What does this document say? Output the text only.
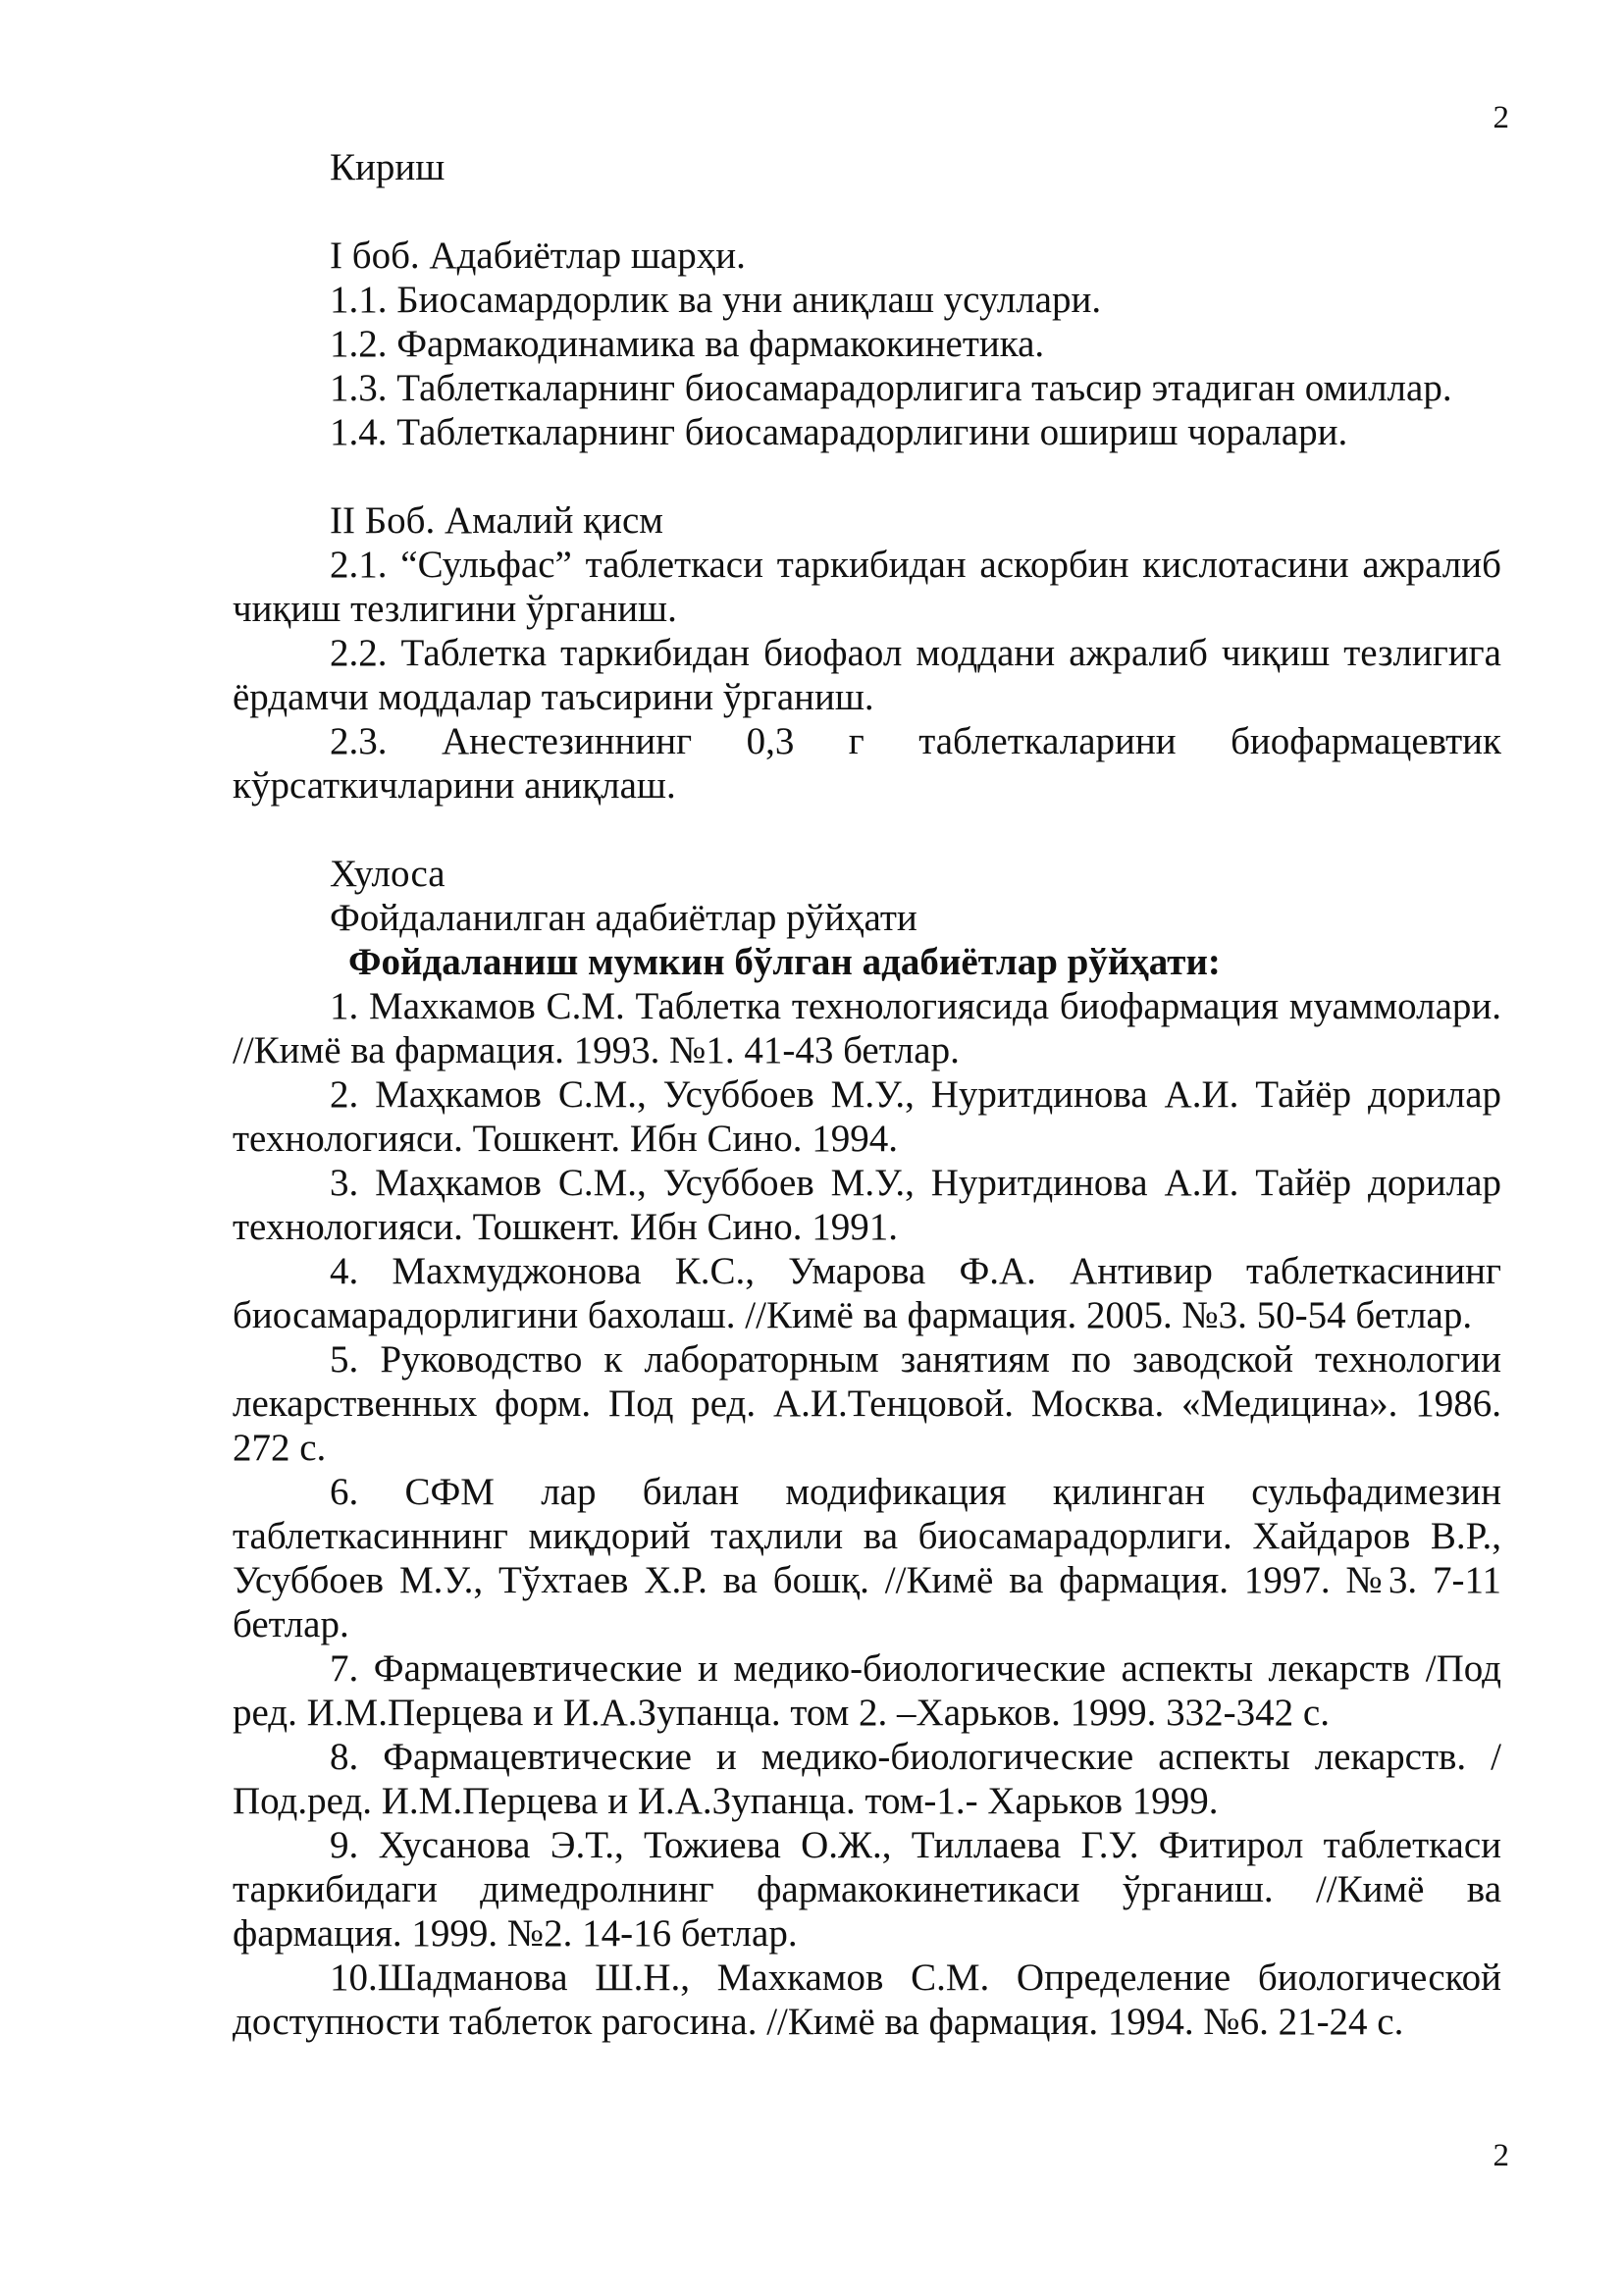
2
Кириш
I боб. Адабиётлар шарҳи.
1.1. Биосамардорлик ва уни аниқлаш усуллари.
1.2. Фармакодинамика ва фармакокинетика.
1.3. Таблеткаларнинг биосамарадорлигига таъсир этадиган омиллар.
1.4. Таблеткаларнинг биосамарадорлигини ошириш чоралари.
II Боб. Амалий қисм

2.1. “Сульфас” таблеткаси таркибидан аскорбин кислотасини ажралиб чиқиш тезлигини ўрганиш.

2.2. Таблетка таркибидан биофаол моддани ажралиб чиқиш тезлигига ёрдамчи моддалар таъсирини ўрганиш.

2.3. Анестезиннинг 0,3 г таблеткаларини биофармацевтик кўрсаткичларини аниқлаш.

Хулоса
Фойдаланилган адабиётлар рўйҳати
Фойдаланиш мумкин бўлган адабиётлар рўйҳати:

1. Махкамов С.М. Таблетка технологиясида биофармация муаммолари. //Кимё ва фармация. 1993. №1. 41-43 бетлар.

2. Маҳкамов С.М., Усуббоев М.У., Нуритдинова А.И. Тайёр дорилар технологияси. Тошкент. Ибн Сино. 1994.

3. Маҳкамов С.М., Усуббоев М.У., Нуритдинова А.И. Тайёр дорилар технологияси. Тошкент. Ибн Сино. 1991.

4. Махмуджонова К.С., Умарова Ф.А. Антивир таблеткасининг биосамарадорлигини бахолаш. //Кимё ва фармация. 2005. №3. 50-54 бетлар.

5. Руководство к лабораторным занятиям по заводской технологии лекарственных форм. Под ред. А.И.Тенцовой. Москва. «Медицина». 1986. 272 с.

6. СФМ лар билан модификация қилинган сульфадимезин таблеткасиннинг миқдорий таҳлили ва биосамарадорлиги. Хайдаров В.Р., Усуббоев М.У., Тўхтаев Х.Р. ва бошқ. //Кимё ва фармация. 1997. №3. 7-11 бетлар.

7. Фармацевтические и медико-биологические аспекты лекарств /Под ред. И.М.Перцева и И.А.Зупанца. том 2. –Харьков. 1999. 332-342 с.

8. Фармацевтические и медико-биологические аспекты лекарств. /Под.ред. И.М.Перцева и И.А.Зупанца. том-1.- Харьков 1999.

9. Хусанова Э.Т., Тожиева О.Ж., Тиллаева Г.У. Фитирол таблеткаси таркибидаги димедролнинг фармакокинетикаси ўрганиш. //Кимё ва фармация. 1999. №2. 14-16 бетлар.

10.Шадманова Ш.Н., Махкамов С.М. Определение биологической доступности таблеток рагосина. //Кимё ва фармация. 1994. №6. 21-24 с.

2
